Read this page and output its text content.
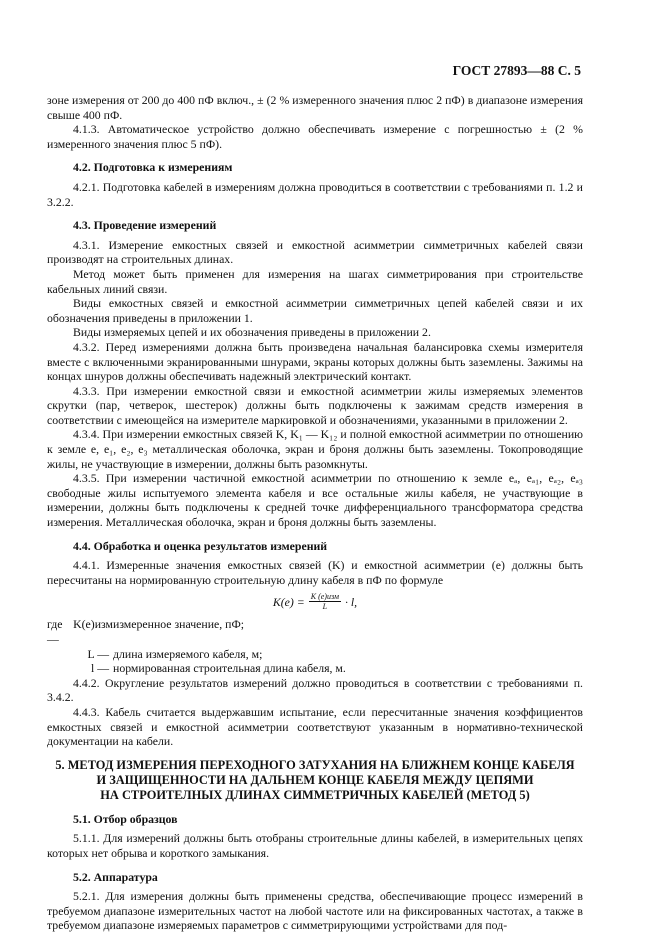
ГОСТ 27893—88 С. 5

зоне измерения от 200 до 400 пФ включ., ± (2 % измеренного значения плюс 2 пФ) в диапазоне измерения свыше 400 пФ.

4.1.3. Автоматическое устройство должно обеспечивать измерение с погрешностью ± (2 % измеренного значения плюс 5 пФ).

4.2. Подготовка к измерениям

4.2.1. Подготовка кабелей в измерениям должна проводиться в соответствии с требованиями п. 1.2 и 3.2.2.

4.3. Проведение измерений

4.3.1. Измерение емкостных связей и емкостной асимметрии симметричных кабелей связи производят на строительных длинах.

Метод может быть применен для измерения на шагах симметрирования при строительстве кабельных линий связи.

Виды емкостных связей и емкостной асимметрии симметричных цепей кабелей связи и их обозначения приведены в приложении 1.

Виды измеряемых цепей и их обозначения приведены в приложении 2.

4.3.2. Перед измерениями должна быть произведена начальная балансировка схемы измерителя вместе с включенными экранированными шнурами, экраны которых должны быть заземлены. Зажимы на концах шнуров должны обеспечивать надежный электрический контакт.

4.3.3. При измерении емкостной связи и емкостной асимметрии жилы измеряемых элементов скрутки (пар, четверок, шестерок) должны быть подключены к зажимам средств измерения в соответствии с имеющейся на измерителе маркировкой и обозначениями, указанными в приложении 2.

4.3.4. При измерении емкостных связей K, K₁ — K₁₂ и полной емкостной асимметрии по отношению к земле e, e₁, e₂, e₃ металлическая оболочка, экран и броня должны быть заземлены. Токопроводящие жилы, не участвующие в измерении, должны быть разомкнуты.

4.3.5. При измерении частичной емкостной асимметрии по отношению к земле eₐ, eₐ₁, eₐ₂, eₐ₃ свободные жилы испытуемого элемента кабеля и все остальные жилы кабеля, не участвующие в измерении, должны быть подключены к средней точке дифференциального трансформатора средства измерения. Металлическая оболочка, экран и броня должны быть заземлены.

4.4. Обработка и оценка результатов измерений

4.4.1. Измеренные значения емкостных связей (K) и емкостной асимметрии (e) должны быть пересчитаны на нормированную строительную длину кабеля в пФ по формуле

$K(e) = \frac{\text{K (e)изм}}{L} \cdot l$,
где K(e)изм —
измеренное значение, пФ;
L — длина измеряемого кабеля, м;
l — нормированная строительная длина кабеля, м.

4.4.2. Округление результатов измерений должно проводиться в соответствии с требованиями п. 3.4.2.

4.4.3. Кабель считается выдержавшим испытание, если пересчитанные значения коэффициентов емкостных связей и емкостной асимметрии соответствуют указанным в нормативно-технической документации на кабели.

5. МЕТОД ИЗМЕРЕНИЯ ПЕРЕХОДНОГО ЗАТУХАНИЯ НА БЛИЖНЕМ КОНЦЕ КАБЕЛЯ
И ЗАЩИЩЕННОСТИ НА ДАЛЬНЕМ КОНЦЕ КАБЕЛЯ МЕЖДУ ЦЕПЯМИ
НА СТРОИТЕЛНЫХ ДЛИНАХ СИММЕТРИЧНЫХ КАБЕЛЕЙ (МЕТОД 5)

5.1. Отбор образцов

5.1.1. Для измерений должны быть отобраны строительные длины кабелей, в измерительных цепях которых нет обрыва и короткого замыкания.

5.2. Аппаратура

5.2.1. Для измерения должны быть применены средства, обеспечивающие процесс измерений в требуемом диапазоне измерительных частот на любой частоте или на фиксированных частотах, а также в требуемом диапазоне измеряемых параметров с симметрирующими устройствами для под-
